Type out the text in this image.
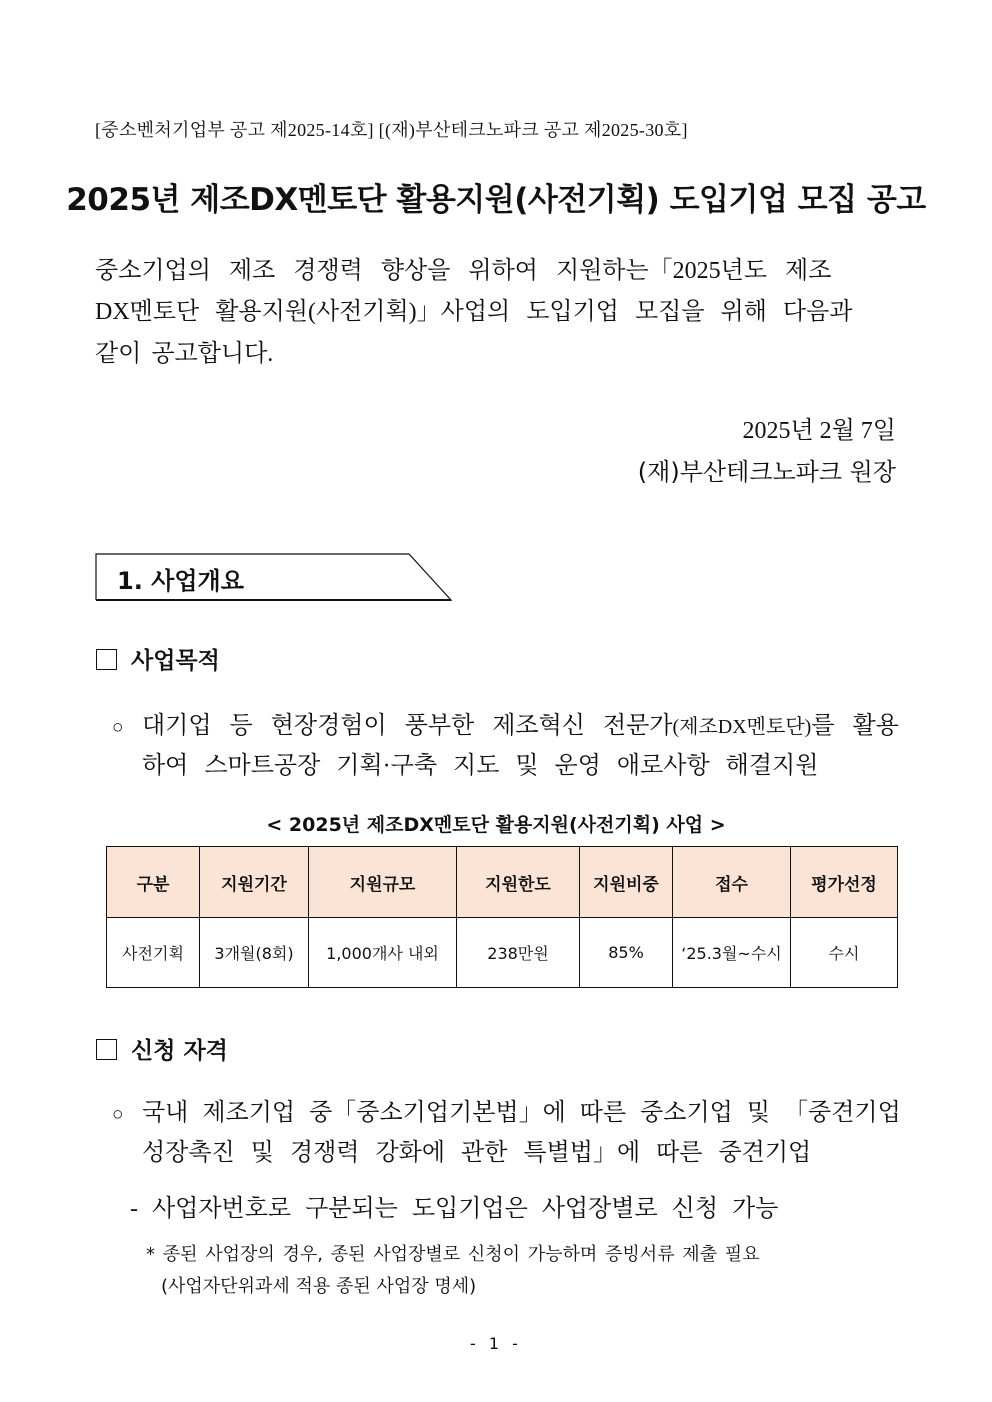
[중소벤처기업부 공고 제2025-14호] [(재)부산테크노파크 공고 제2025-30호]
2025년 제조DX멘토단 활용지원(사전기획) 도입기업 모집 공고
중소기업의 제조 경쟁력 향상을 위하여 지원하는「2025년도 제조
DX멘토단 활용지원(사전기획)」사업의 도입기업 모집을 위해 다음과
같이 공고합니다.
2025년 2월 7일
(재)부산테크노파크 원장
1. 사업개요
사업목적
○ 대기업 등 현장경험이 풍부한 제조혁신 전문가(제조DX멘토단)를 활용
하여 스마트공장 기획·구축 지도 및 운영 애로사항 해결지원
< 2025년 제조DX멘토단 활용지원(사전기획) 사업 >
구분	지원기간	지원규모	지원한도	지원비중	접수	평가선정
사전기획	3개월(8회)	1,000개사 내외	238만원	85%	‘25.3월~수시	수시
신청 자격
○ 국내 제조기업 중「중소기업기본법」에 따른 중소기업 및 「중견기업
성장촉진 및 경쟁력 강화에 관한 특별법」에 따른 중견기업
- 사업자번호로 구분되는 도입기업은 사업장별로 신청 가능
* 종된 사업장의 경우, 종된 사업장별로 신청이 가능하며 증빙서류 제출 필요
(사업자단위과세 적용 종된 사업장 명세)
- 1 -
